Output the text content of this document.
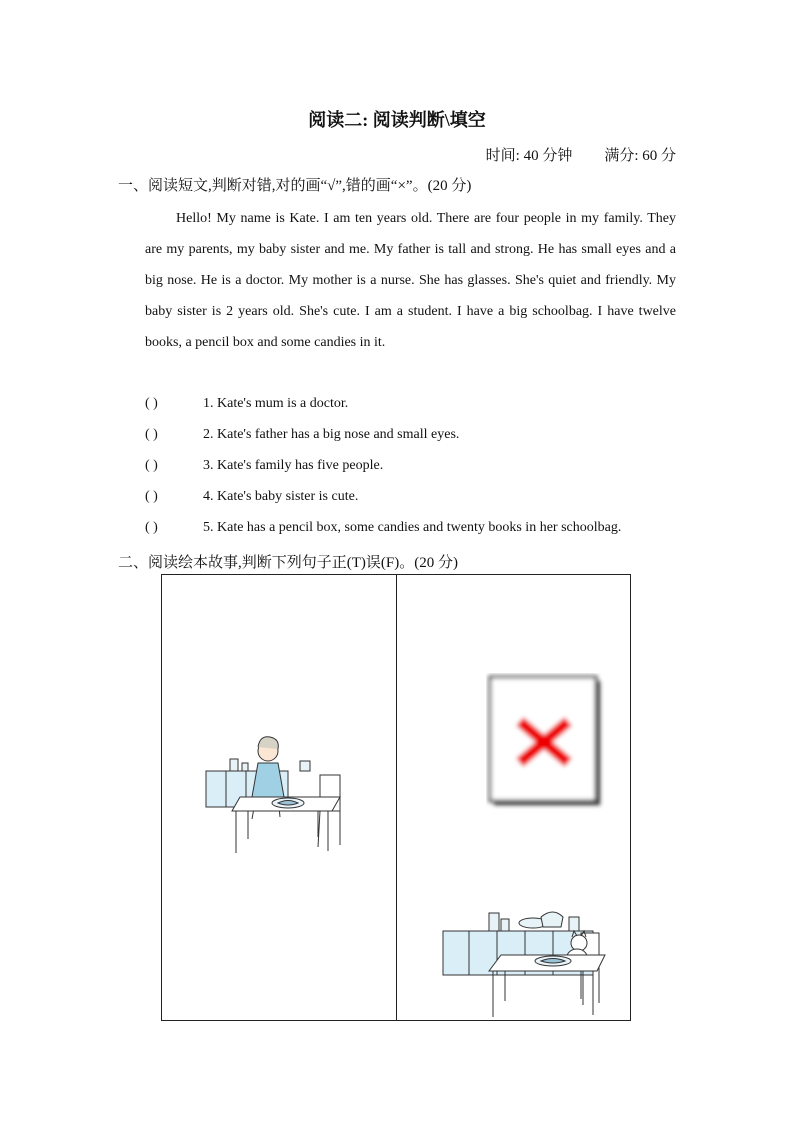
阅读二: 阅读判断\填空
时间: 40 分钟 满分: 60 分
一、阅读短文,判断对错,对的画“√”,错的画“×”。(20 分)

Hello! My name is Kate. I am ten years old. There are four people in my family. They are my parents, my baby sister and me. My father is tall and strong. He has small eyes and a big nose. He is a doctor. My mother is a nurse. She has glasses. She's quiet and friendly. My baby sister is 2 years old. She's cute. I am a student. I have a big schoolbag. I have twelve books, a pencil box and some candies in it.

( )	1. Kate's mum is a doctor.
( )	2. Kate's father has a big nose and small eyes.
( )	3. Kate's family has five people.
( )	4. Kate's baby sister is cute.
( )	5. Kate has a pencil box, some candies and twenty books in her schoolbag.
二、阅读绘本故事,判断下列句子正(T)误(F)。(20 分)
